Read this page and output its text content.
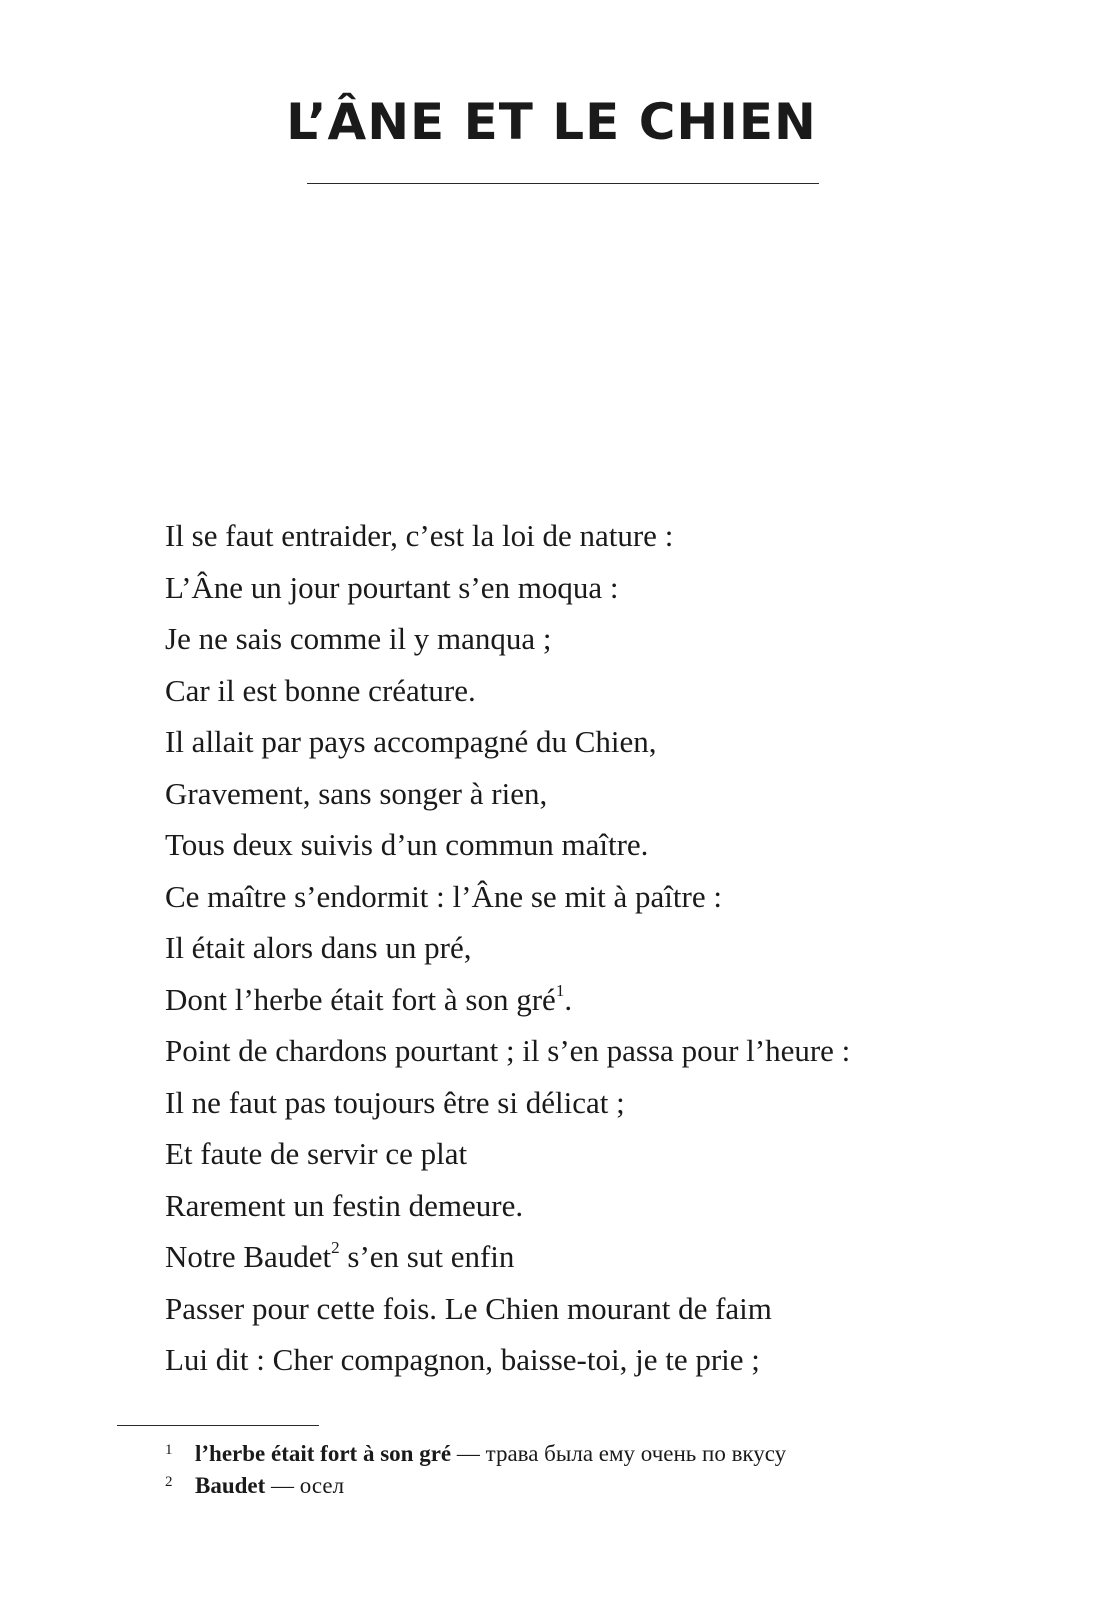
L’ÂNE ET LE CHIEN
Il se faut entraider, c’est la loi de nature :
L’Âne un jour pourtant s’en moqua :
Je ne sais comme il y manqua ;
Car il est bonne créature.
Il allait par pays accompagné du Chien,
Gravement, sans songer à rien,
Tous deux suivis d’un commun maître.
Ce maître s’endormit : l’Âne se mit à paître :
Il était alors dans un pré,
Dont l’herbe était fort à son gré$^1$.
Point de chardons pourtant ; il s’en passa pour l’heure :
Il ne faut pas toujours être si délicat ;
Et faute de servir ce plat
Rarement un festin demeure.
Notre Baudet$^2$ s’en sut enfin
Passer pour cette fois. Le Chien mourant de faim
Lui dit : Cher compagnon, baisse-toi, je te prie ;
1 l’herbe était fort à son gré — трава была ему очень по вкусу
2 Baudet — осел
